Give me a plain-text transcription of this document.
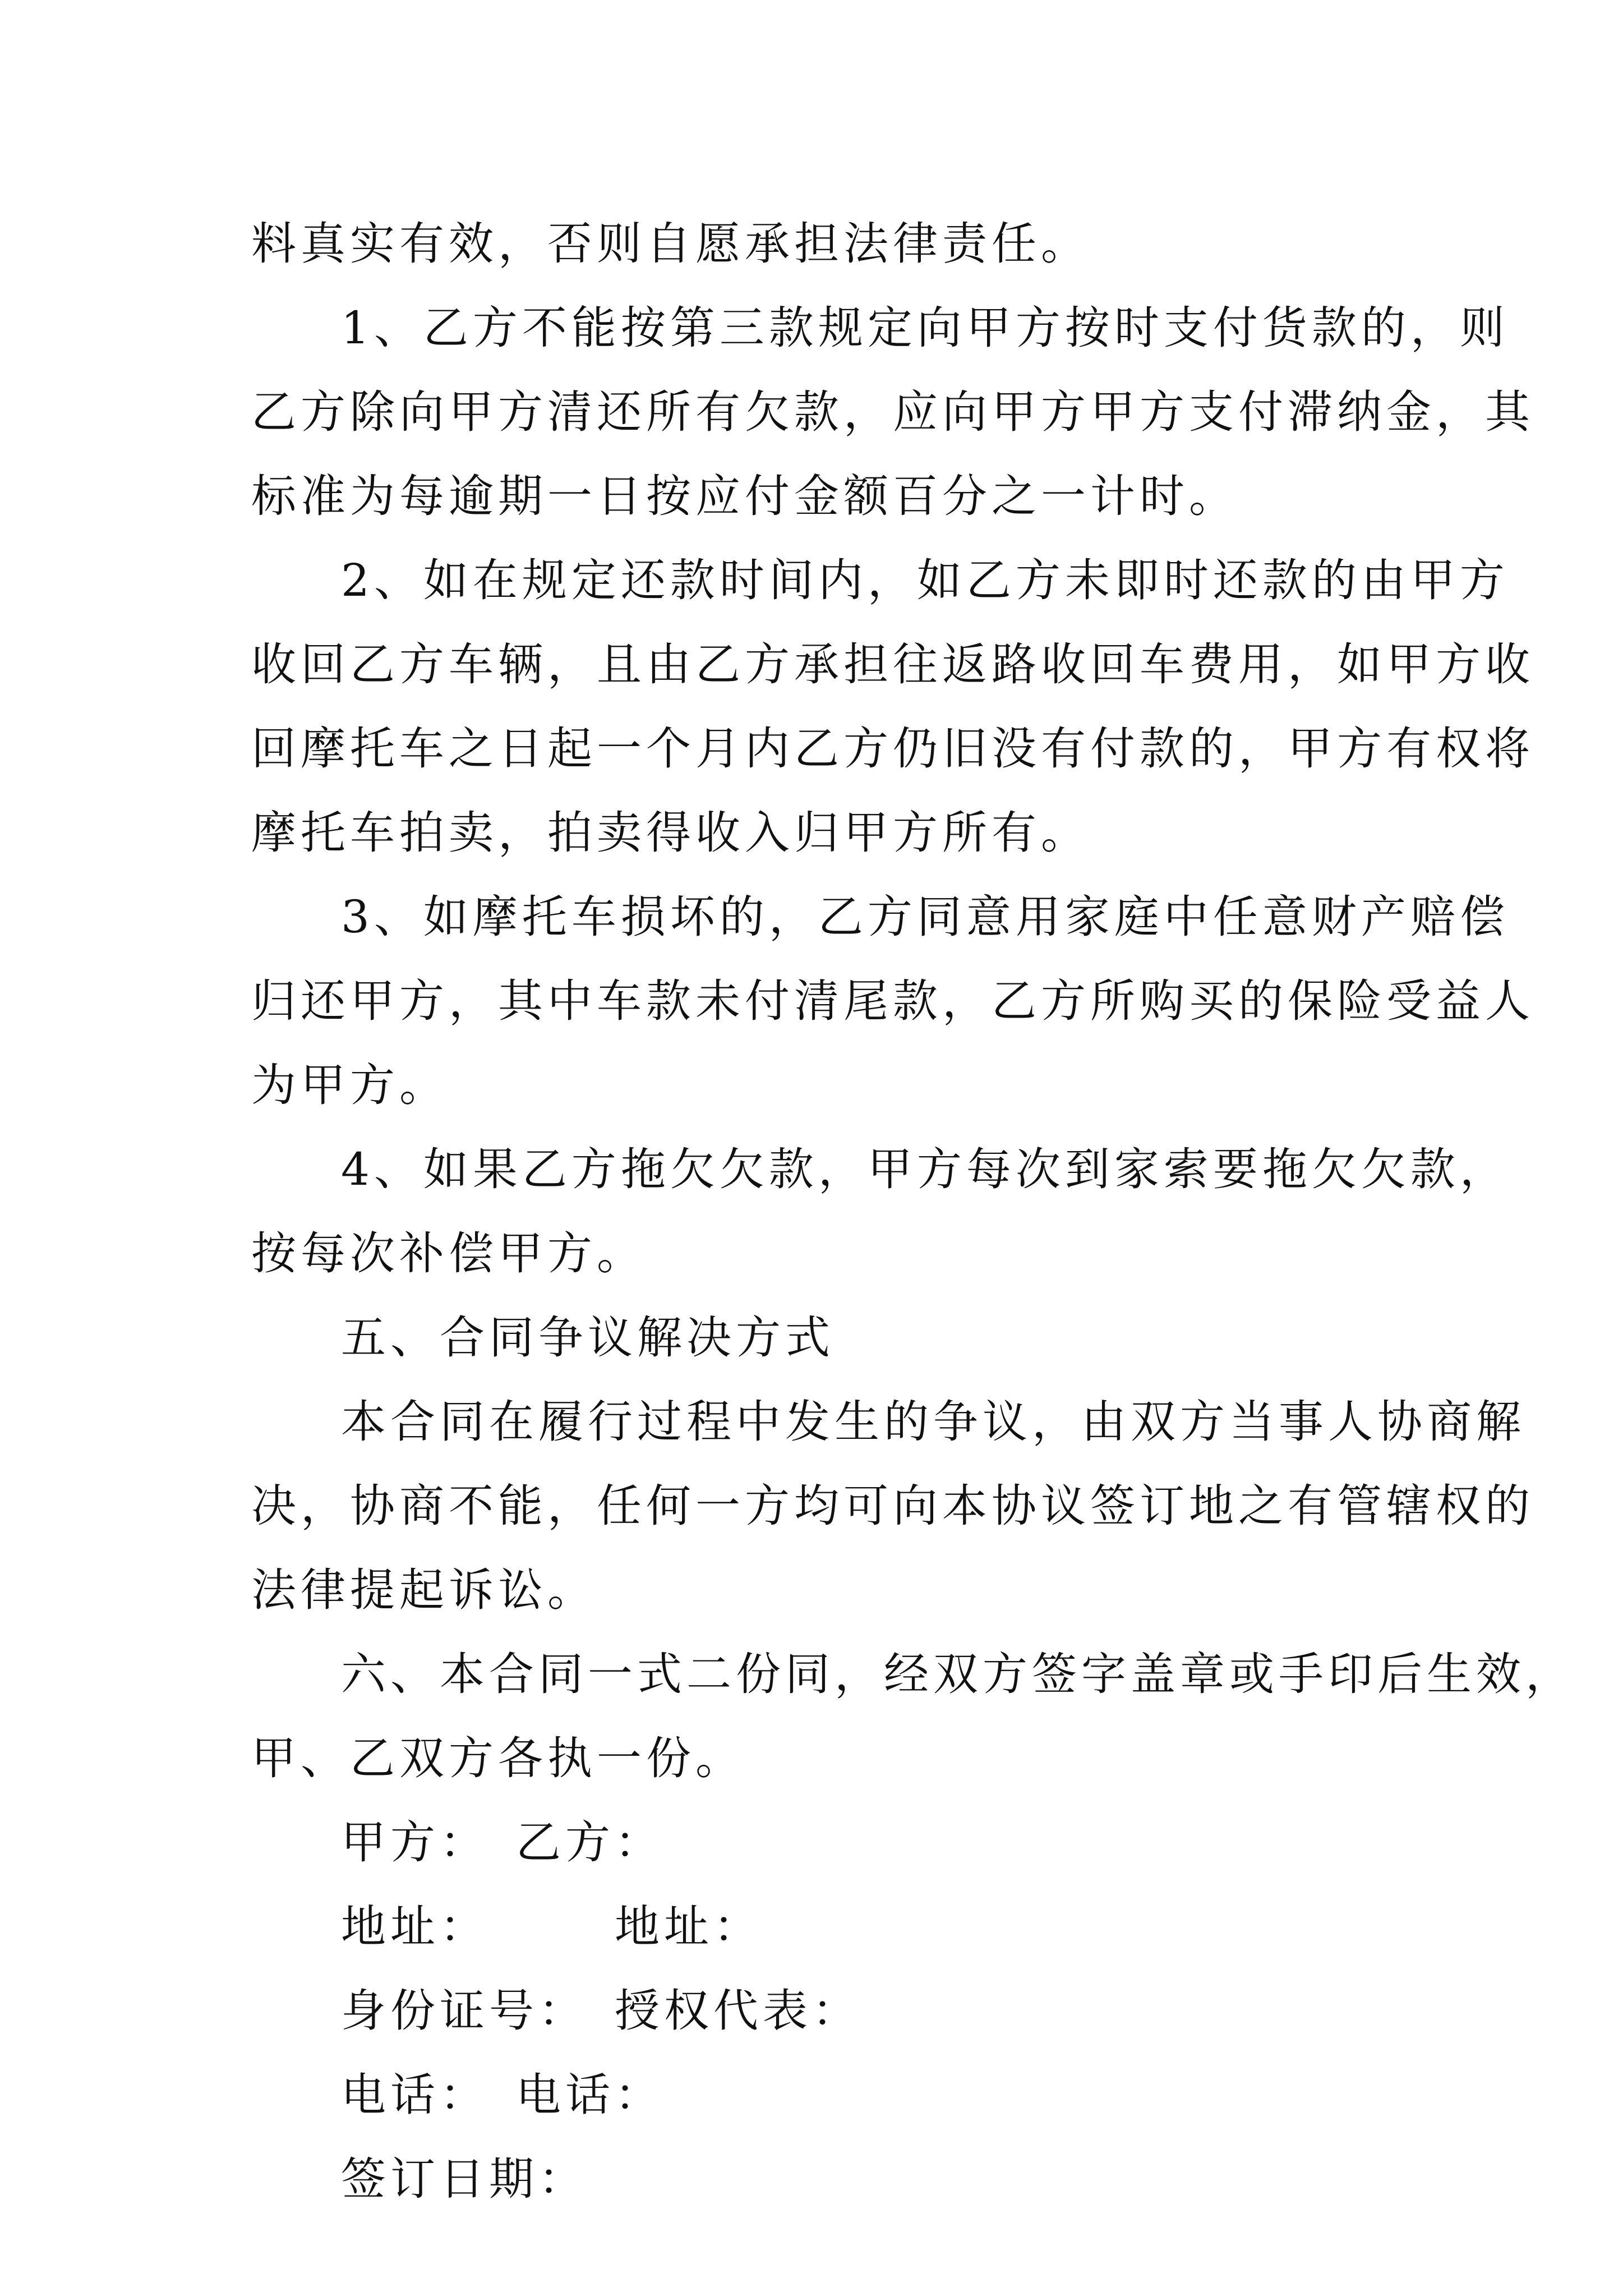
料真实有效，否则自愿承担法律责任。
1、乙方不能按第三款规定向甲方按时支付货款的，则
乙方除向甲方清还所有欠款，应向甲方甲方支付滞纳金，其
标准为每逾期一日按应付金额百分之一计时。
2、如在规定还款时间内，如乙方未即时还款的由甲方
收回乙方车辆，且由乙方承担往返路收回车费用，如甲方收
回摩托车之日起一个月内乙方仍旧没有付款的，甲方有权将
摩托车拍卖，拍卖得收入归甲方所有。
3、如摩托车损坏的，乙方同意用家庭中任意财产赔偿
归还甲方，其中车款未付清尾款，乙方所购买的保险受益人
为甲方。
4、如果乙方拖欠欠款，甲方每次到家索要拖欠欠款，
按每次补偿甲方。
五、合同争议解决方式
本合同在履行过程中发生的争议，由双方当事人协商解
决，协商不能，任何一方均可向本协议签订地之有管辖权的
法律提起诉讼。
六、本合同一式二份同，经双方签字盖章或手印后生效，
甲、乙双方各执一份。
甲方：　乙方：
地址：　　　地址：
身份证号：　授权代表：
电话：　电话：
签订日期：
